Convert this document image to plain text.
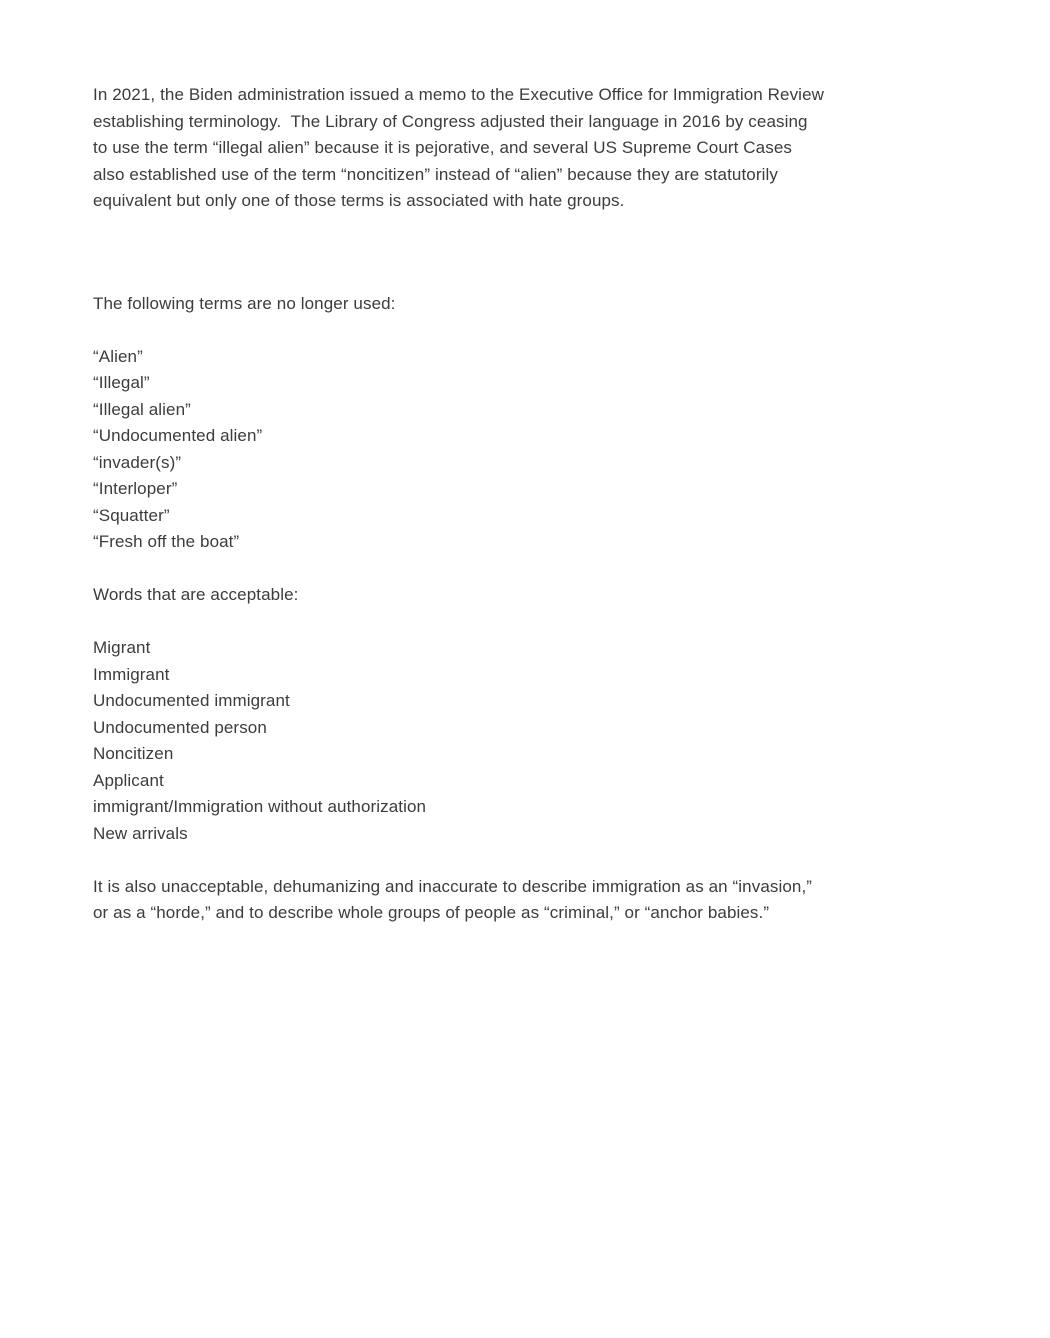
In 2021, the Biden administration issued a memo to the Executive Office for Immigration Review
establishing terminology.  The Library of Congress adjusted their language in 2016 by ceasing
to use the term “illegal alien” because it is pejorative, and several US Supreme Court Cases
also established use of the term “noncitizen” instead of “alien” because they are statutorily
equivalent but only one of those terms is associated with hate groups.
The following terms are no longer used:
“Alien”
“Illegal”
“Illegal alien”
“Undocumented alien”
“invader(s)”
“Interloper”
“Squatter”
“Fresh off the boat”
Words that are acceptable:
Migrant
Immigrant
Undocumented immigrant
Undocumented person
Noncitizen
Applicant
immigrant/Immigration without authorization
New arrivals
It is also unacceptable, dehumanizing and inaccurate to describe immigration as an “invasion,”
or as a “horde,” and to describe whole groups of people as “criminal,” or “anchor babies.”
